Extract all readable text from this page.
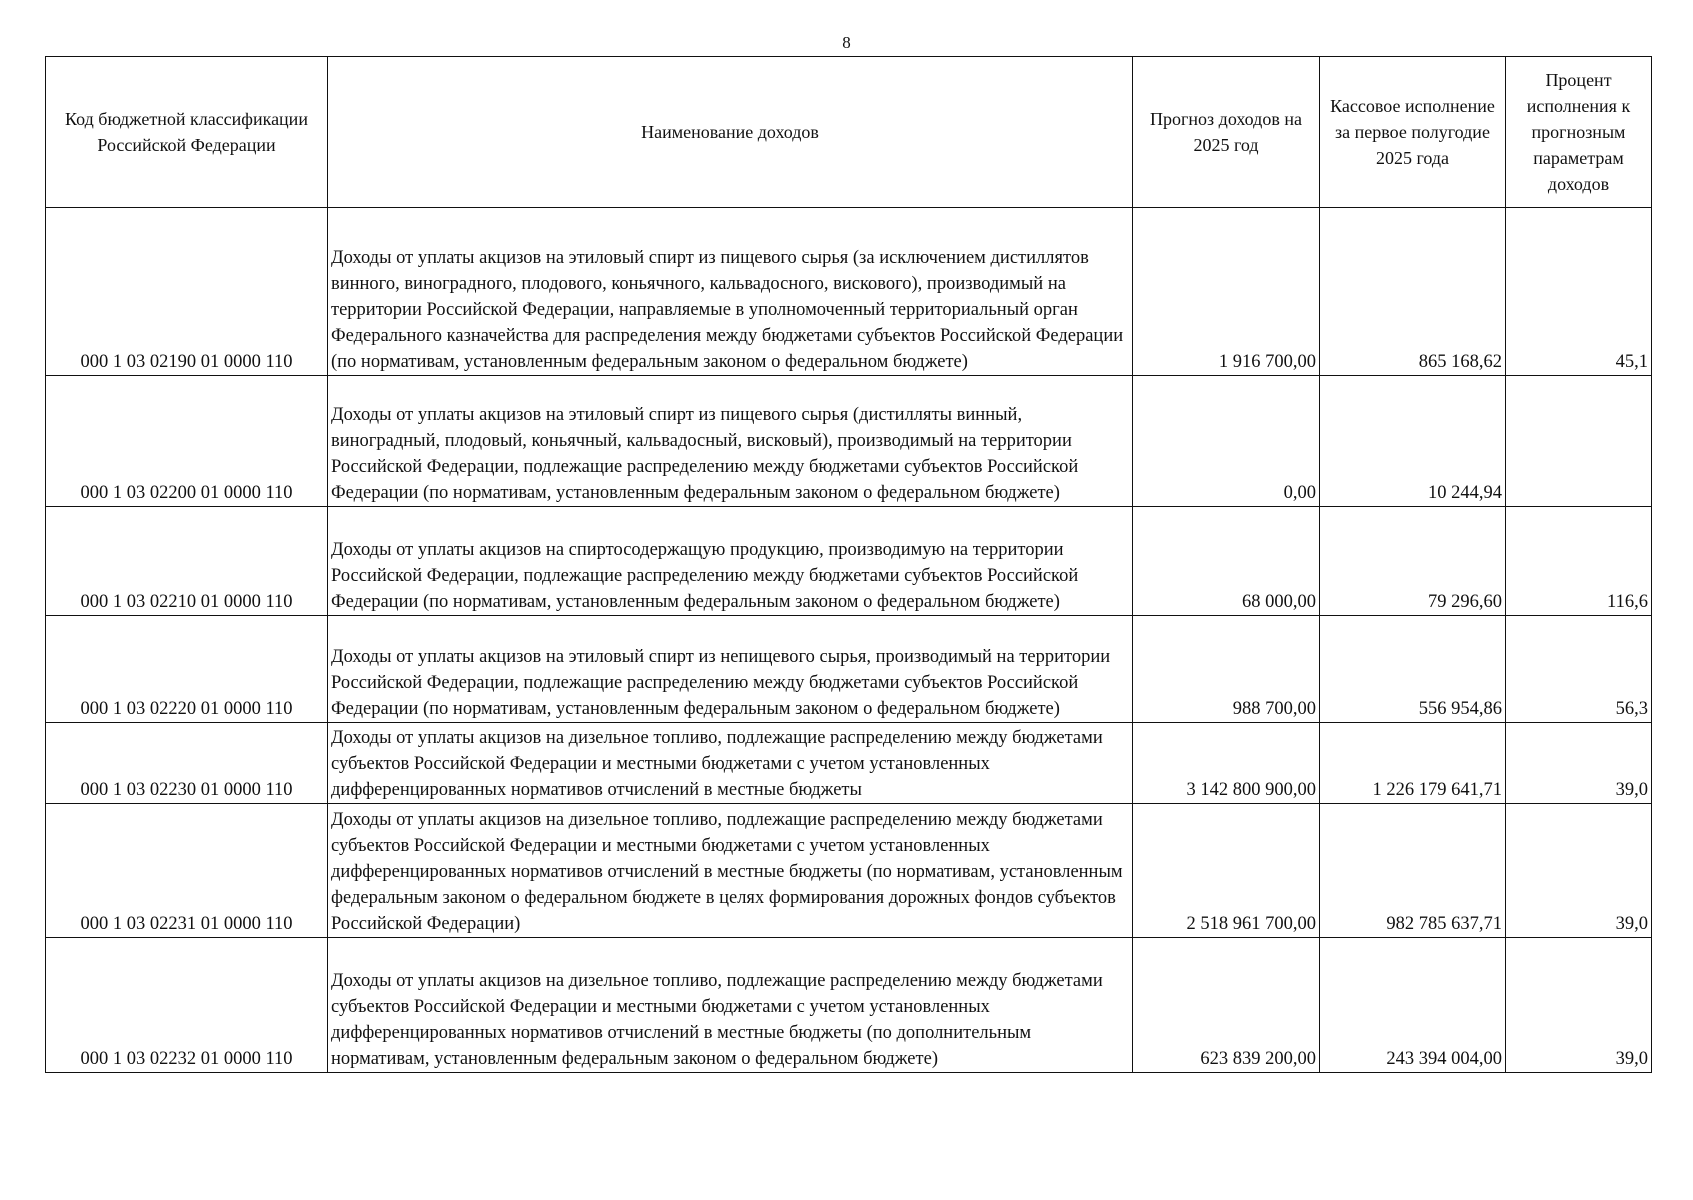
8
Код бюджетной классификации Российской Федерации	Наименование доходов	Прогноз доходов на 2025 год	Кассовое исполнение за первое полугодие 2025 года	Процент исполнения к прогнозным параметрам доходов
000 1 03 02190 01 0000 110	Доходы от уплаты акцизов на этиловый спирт из пищевого сырья (за исключением дистиллятов винного, виноградного, плодового, коньячного, кальвадосного, вискового), производимый на территории Российской Федерации, направляемые в уполномоченный территориальный орган Федерального казначейства для распределения между бюджетами субъектов Российской Федерации (по нормативам, установленным федеральным законом о федеральном бюджете)	1 916 700,00	865 168,62	45,1
000 1 03 02200 01 0000 110	Доходы от уплаты акцизов на этиловый спирт из пищевого сырья (дистилляты винный, виноградный, плодовый, коньячный, кальвадосный, висковый), производимый на территории Российской Федерации, подлежащие распределению между бюджетами субъектов Российской Федерации (по нормативам, установленным федеральным законом о федеральном бюджете)	0,00	10 244,94	
000 1 03 02210 01 0000 110	Доходы от уплаты акцизов на спиртосодержащую продукцию, производимую на территории Российской Федерации, подлежащие распределению между бюджетами субъектов Российской Федерации (по нормативам, установленным федеральным законом о федеральном бюджете)	68 000,00	79 296,60	116,6
000 1 03 02220 01 0000 110	Доходы от уплаты акцизов на этиловый спирт из непищевого сырья, производимый на территории Российской Федерации, подлежащие распределению между бюджетами субъектов Российской Федерации (по нормативам, установленным федеральным законом о федеральном бюджете)	988 700,00	556 954,86	56,3
000 1 03 02230 01 0000 110	Доходы от уплаты акцизов на дизельное топливо, подлежащие распределению между бюджетами субъектов Российской Федерации и местными бюджетами с учетом установленных дифференцированных нормативов отчислений в местные бюджеты	3 142 800 900,00	1 226 179 641,71	39,0
000 1 03 02231 01 0000 110	Доходы от уплаты акцизов на дизельное топливо, подлежащие распределению между бюджетами субъектов Российской Федерации и местными бюджетами с учетом установленных дифференцированных нормативов отчислений в местные бюджеты (по нормативам, установленным федеральным законом о федеральном бюджете в целях формирования дорожных фондов субъектов Российской Федерации)	2 518 961 700,00	982 785 637,71	39,0
000 1 03 02232 01 0000 110	Доходы от уплаты акцизов на дизельное топливо, подлежащие распределению между бюджетами субъектов Российской Федерации и местными бюджетами с учетом установленных дифференцированных нормативов отчислений в местные бюджеты (по дополнительным нормативам, установленным федеральным законом о федеральном бюджете)	623 839 200,00	243 394 004,00	39,0
